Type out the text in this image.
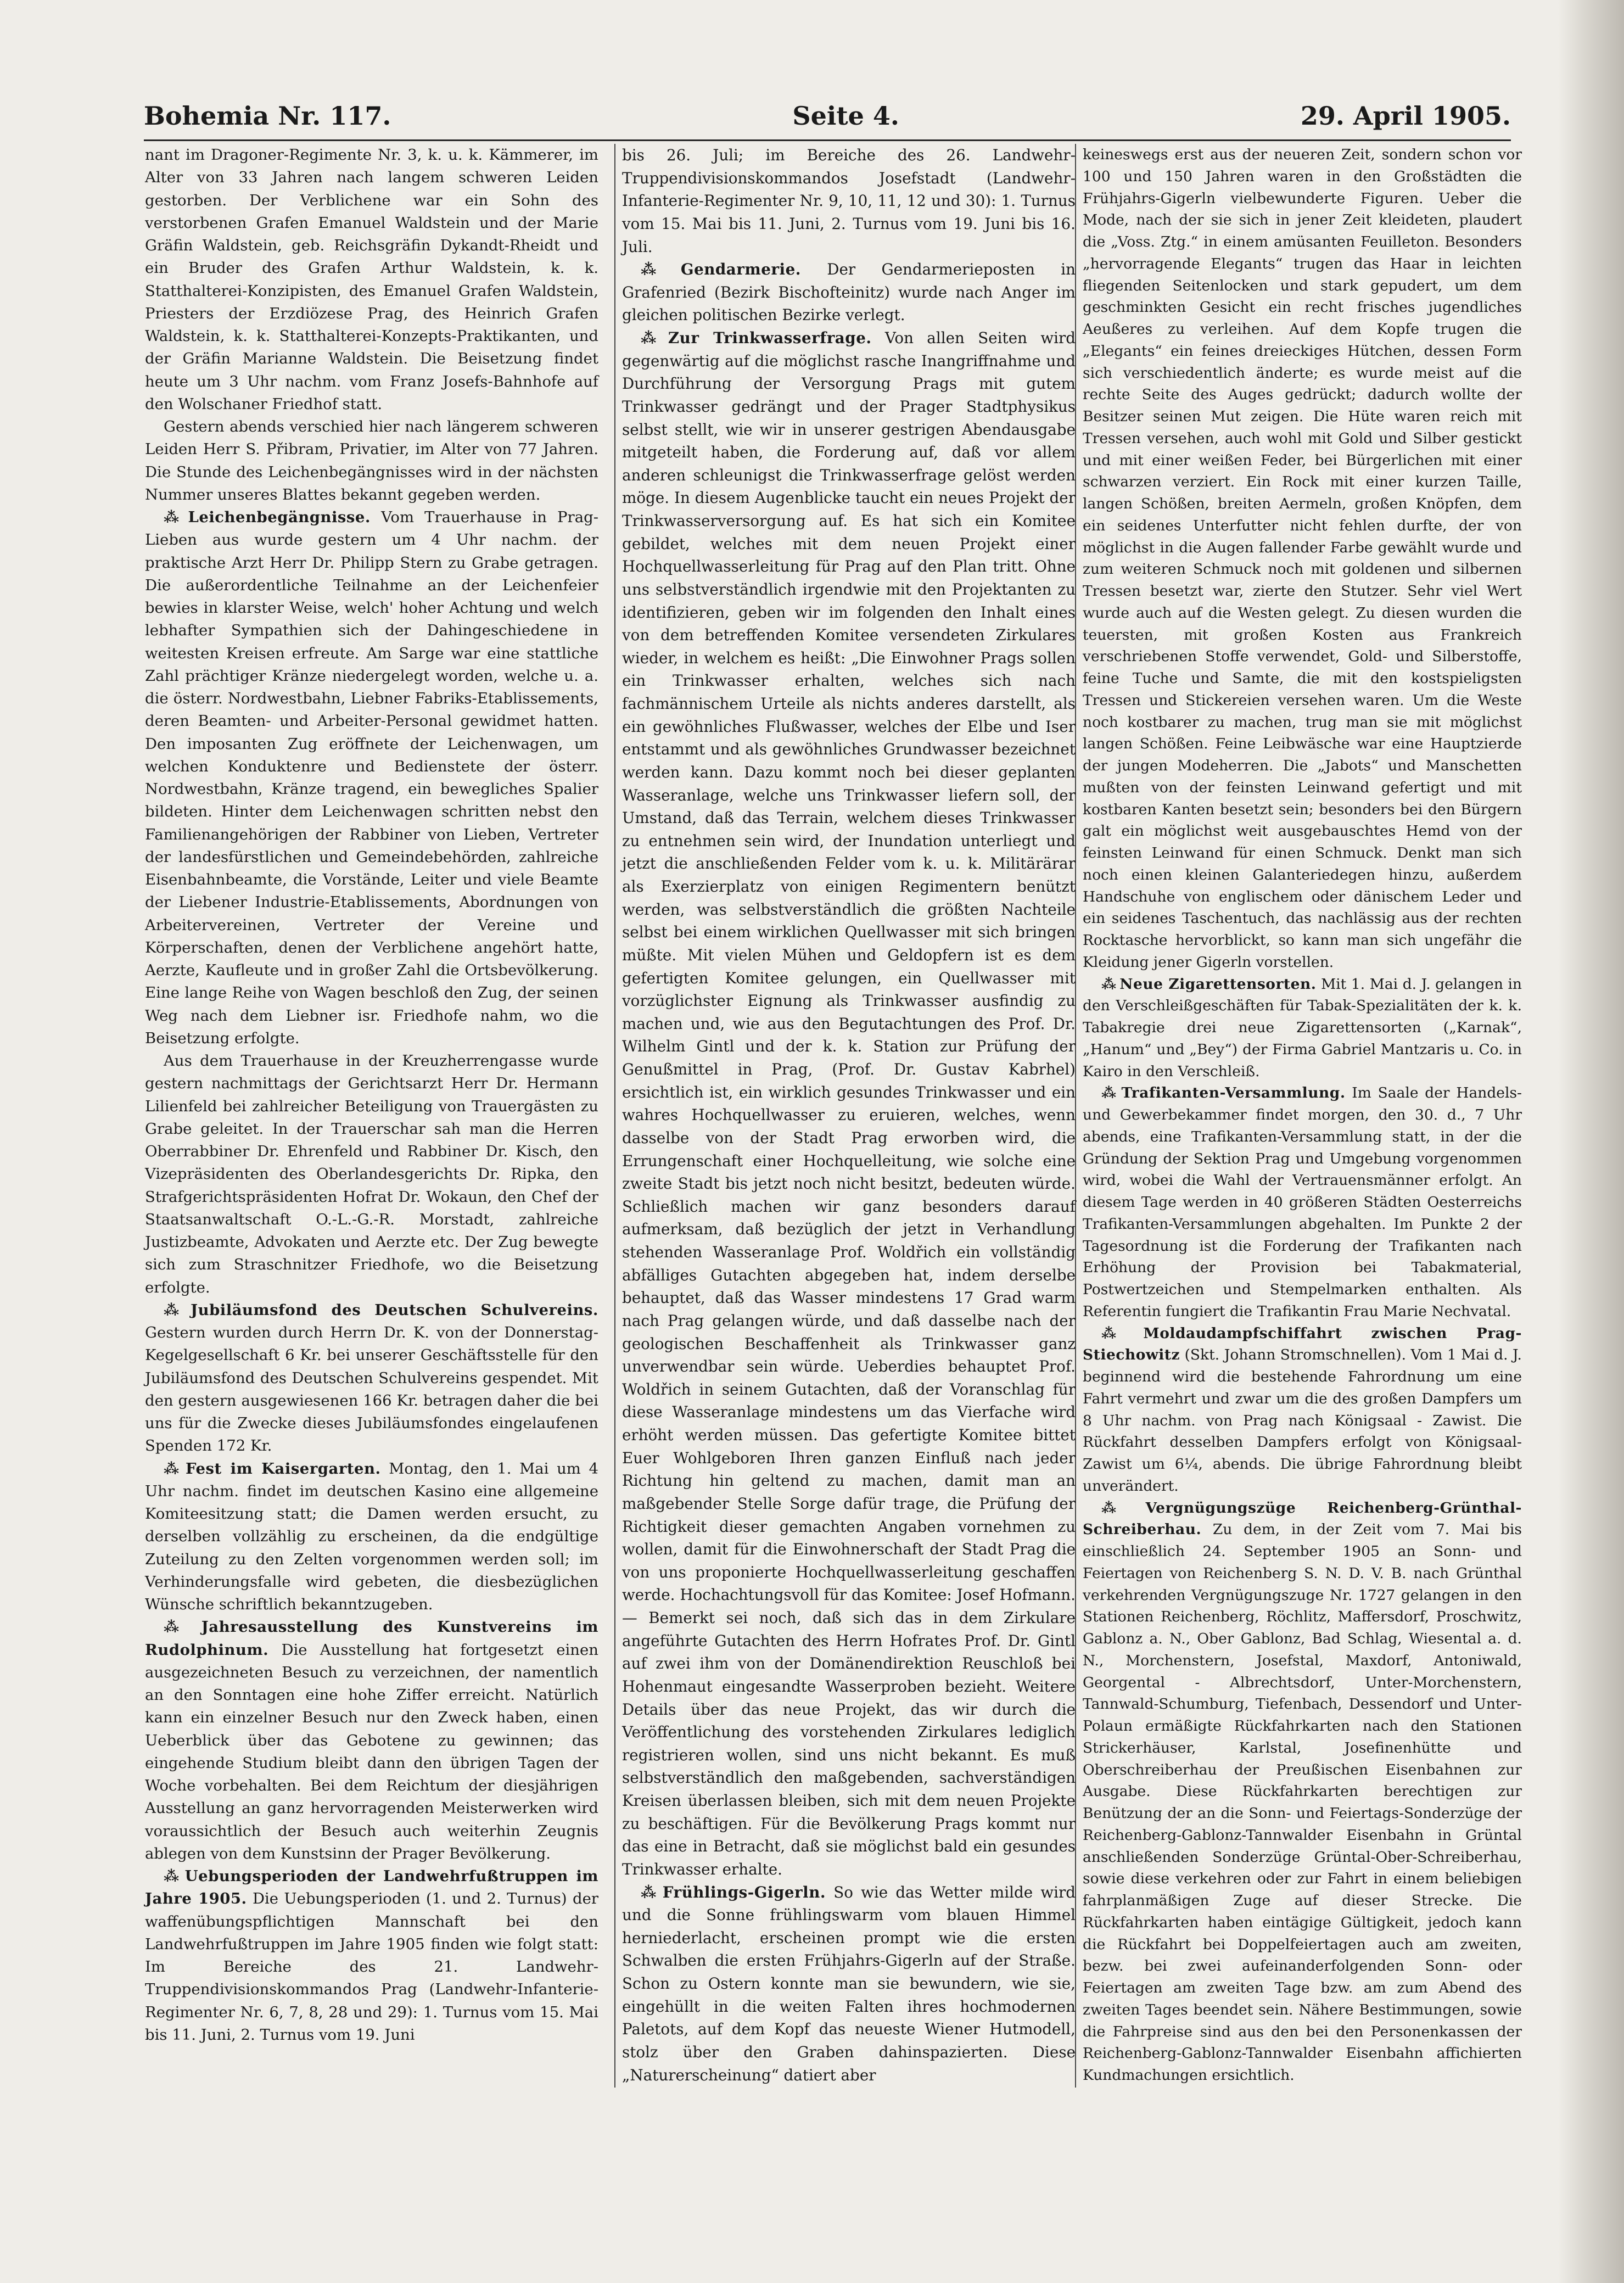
Bohemia Nr. 117.	Seite 4.	29. April 1905.

nant im Dragoner-Regimente Nr. 3, k. u. k. Kämmerer, im Alter von 33 Jahren nach langem schweren Leiden gestorben. Der Verblichene war ein Sohn des verstorbenen Grafen Emanuel Waldstein und der Marie Gräfin Waldstein, geb. Reichsgräfin Dykandt-Rheidt und ein Bruder des Grafen Arthur Waldstein, k. k. Statthalterei-Konzipisten, des Emanuel Grafen Waldstein, Priesters der Erzdiözese Prag, des Heinrich Grafen Waldstein, k. k. Statthalterei-Konzepts-Praktikanten, und der Gräfin Marianne Waldstein. Die Beisetzung findet heute um 3 Uhr nachm. vom Franz Josefs-Bahnhofe auf den Wolschaner Friedhof statt.

Gestern abends verschied hier nach längerem schweren Leiden Herr S. Přibram, Privatier, im Alter von 77 Jahren. Die Stunde des Leichenbegängnisses wird in der nächsten Nummer unseres Blattes bekannt gegeben werden.

⁂ Leichenbegängnisse. Vom Trauerhause in Prag-Lieben aus wurde gestern um 4 Uhr nachm. der praktische Arzt Herr Dr. Philipp Stern zu Grabe getragen. Die außerordentliche Teilnahme an der Leichenfeier bewies in klarster Weise, welch' hoher Achtung und welch lebhafter Sympathien sich der Dahingeschiedene in weitesten Kreisen erfreute. Am Sarge war eine stattliche Zahl prächtiger Kränze niedergelegt worden, welche u. a. die österr. Nordwestbahn, Liebner Fabriks-Etablissements, deren Beamten- und Arbeiter-Personal gewidmet hatten. Den imposanten Zug eröffnete der Leichenwagen, um welchen Konduktenre und Bedienstete der österr. Nordwestbahn, Kränze tragend, ein bewegliches Spalier bildeten. Hinter dem Leichenwagen schritten nebst den Familienangehörigen der Rabbiner von Lieben, Vertreter der landesfürstlichen und Gemeindebehörden, zahlreiche Eisenbahnbeamte, die Vorstände, Leiter und viele Beamte der Liebener Industrie-Etablissements, Abordnungen von Arbeitervereinen, Vertreter der Vereine und Körperschaften, denen der Verblichene angehört hatte, Aerzte, Kaufleute und in großer Zahl die Ortsbevölkerung. Eine lange Reihe von Wagen beschloß den Zug, der seinen Weg nach dem Liebner isr. Friedhofe nahm, wo die Beisetzung erfolgte.

Aus dem Trauerhause in der Kreuzherrengasse wurde gestern nachmittags der Gerichtsarzt Herr Dr. Hermann Lilienfeld bei zahlreicher Beteiligung von Trauergästen zu Grabe geleitet. In der Trauerschar sah man die Herren Oberrabbiner Dr. Ehrenfeld und Rabbiner Dr. Kisch, den Vizepräsidenten des Oberlandesgerichts Dr. Ripka, den Strafgerichtspräsidenten Hofrat Dr. Wokaun, den Chef der Staatsanwaltschaft O.-L.-G.-R. Morstadt, zahlreiche Justizbeamte, Advokaten und Aerzte etc. Der Zug bewegte sich zum Straschnitzer Friedhofe, wo die Beisetzung erfolgte.

⁂ Jubiläumsfond des Deutschen Schulvereins. Gestern wurden durch Herrn Dr. K. von der Donnerstag-Kegelgesellschaft 6 Kr. bei unserer Geschäftsstelle für den Jubiläumsfond des Deutschen Schulvereins gespendet. Mit den gestern ausgewiesenen 166 Kr. betragen daher die bei uns für die Zwecke dieses Jubiläumsfondes eingelaufenen Spenden 172 Kr.

⁂ Fest im Kaisergarten. Montag, den 1. Mai um 4 Uhr nachm. findet im deutschen Kasino eine allgemeine Komiteesitzung statt; die Damen werden ersucht, zu derselben vollzählig zu erscheinen, da die endgültige Zuteilung zu den Zelten vorgenommen werden soll; im Verhinderungsfalle wird gebeten, die diesbezüglichen Wünsche schriftlich bekanntzugeben.

⁂ Jahresausstellung des Kunstvereins im Rudolphinum. Die Ausstellung hat fortgesetzt einen ausgezeichneten Besuch zu verzeichnen, der namentlich an den Sonntagen eine hohe Ziffer erreicht. Natürlich kann ein einzelner Besuch nur den Zweck haben, einen Ueberblick über das Gebotene zu gewinnen; das eingehende Studium bleibt dann den übrigen Tagen der Woche vorbehalten. Bei dem Reichtum der diesjährigen Ausstellung an ganz hervorragenden Meisterwerken wird voraussichtlich der Besuch auch weiterhin Zeugnis ablegen von dem Kunstsinn der Prager Bevölkerung.

⁂ Uebungsperioden der Landwehrfußtruppen im Jahre 1905. Die Uebungsperioden (1. und 2. Turnus) der waffenübungspflichtigen Mannschaft bei den Landwehrfußtruppen im Jahre 1905 finden wie folgt statt: Im Bereiche des 21. Landwehr-Truppendivisionskommandos Prag (Landwehr-Infanterie-Regimenter Nr. 6, 7, 8, 28 und 29): 1. Turnus vom 15. Mai bis 11. Juni, 2. Turnus vom 19. Juni

bis 26. Juli; im Bereiche des 26. Landwehr-Truppendivisionskommandos Josefstadt (Landwehr-Infanterie-Regimenter Nr. 9, 10, 11, 12 und 30): 1. Turnus vom 15. Mai bis 11. Juni, 2. Turnus vom 19. Juni bis 16. Juli.

⁂ Gendarmerie. Der Gendarmerieposten in Grafenried (Bezirk Bischofteinitz) wurde nach Anger im gleichen politischen Bezirke verlegt.

⁂ Zur Trinkwasserfrage. Von allen Seiten wird gegenwärtig auf die möglichst rasche Inangriffnahme und Durchführung der Versorgung Prags mit gutem Trinkwasser gedrängt und der Prager Stadtphysikus selbst stellt, wie wir in unserer gestrigen Abendausgabe mitgeteilt haben, die Forderung auf, daß vor allem anderen schleunigst die Trinkwasserfrage gelöst werden möge. In diesem Augenblicke taucht ein neues Projekt der Trinkwasserversorgung auf. Es hat sich ein Komitee gebildet, welches mit dem neuen Projekt einer Hochquellwasserleitung für Prag auf den Plan tritt. Ohne uns selbstverständlich irgendwie mit den Projektanten zu identifizieren, geben wir im folgenden den Inhalt eines von dem betreffenden Komitee versendeten Zirkulares wieder, in welchem es heißt: „Die Einwohner Prags sollen ein Trinkwasser erhalten, welches sich nach fachmännischem Urteile als nichts anderes darstellt, als ein gewöhnliches Flußwasser, welches der Elbe und Iser entstammt und als gewöhnliches Grundwasser bezeichnet werden kann. Dazu kommt noch bei dieser geplanten Wasseranlage, welche uns Trinkwasser liefern soll, der Umstand, daß das Terrain, welchem dieses Trinkwasser zu entnehmen sein wird, der Inundation unterliegt und jetzt die anschließenden Felder vom k. u. k. Militärärar als Exerzierplatz von einigen Regimentern benützt werden, was selbstverständlich die größten Nachteile selbst bei einem wirklichen Quellwasser mit sich bringen müßte. Mit vielen Mühen und Geldopfern ist es dem gefertigten Komitee gelungen, ein Quellwasser mit vorzüglichster Eignung als Trinkwasser ausfindig zu machen und, wie aus den Begutachtungen des Prof. Dr. Wilhelm Gintl und der k. k. Station zur Prüfung der Genußmittel in Prag, (Prof. Dr. Gustav Kabrhel) ersichtlich ist, ein wirklich gesundes Trinkwasser und ein wahres Hochquellwasser zu eruieren, welches, wenn dasselbe von der Stadt Prag erworben wird, die Errungenschaft einer Hochquelleitung, wie solche eine zweite Stadt bis jetzt noch nicht besitzt, bedeuten würde. Schließlich machen wir ganz besonders darauf aufmerksam, daß bezüglich der jetzt in Verhandlung stehenden Wasseranlage Prof. Woldřich ein vollständig abfälliges Gutachten abgegeben hat, indem derselbe behauptet, daß das Wasser mindestens 17 Grad warm nach Prag gelangen würde, und daß dasselbe nach der geologischen Beschaffenheit als Trinkwasser ganz unverwendbar sein würde. Ueberdies behauptet Prof. Woldřich in seinem Gutachten, daß der Voranschlag für diese Wasseranlage mindestens um das Vierfache wird erhöht werden müssen. Das gefertigte Komitee bittet Euer Wohlgeboren Ihren ganzen Einfluß nach jeder Richtung hin geltend zu machen, damit man an maßgebender Stelle Sorge dafür trage, die Prüfung der Richtigkeit dieser gemachten Angaben vornehmen zu wollen, damit für die Einwohnerschaft der Stadt Prag die von uns proponierte Hochquellwasserleitung geschaffen werde. Hochachtungsvoll für das Komitee: Josef Hofmann.— Bemerkt sei noch, daß sich das in dem Zirkulare angeführte Gutachten des Herrn Hofrates Prof. Dr. Gintl auf zwei ihm von der Domänendirektion Reuschloß bei Hohenmaut eingesandte Wasserproben bezieht. Weitere Details über das neue Projekt, das wir durch die Veröffentlichung des vorstehenden Zirkulares lediglich registrieren wollen, sind uns nicht bekannt. Es muß selbstverständlich den maßgebenden, sachverständigen Kreisen überlassen bleiben, sich mit dem neuen Projekte zu beschäftigen. Für die Bevölkerung Prags kommt nur das eine in Betracht, daß sie möglichst bald ein gesundes Trinkwasser erhalte.

⁂ Frühlings-Gigerln. So wie das Wetter milde wird und die Sonne frühlingswarm vom blauen Himmel herniederlacht, erscheinen prompt wie die ersten Schwalben die ersten Frühjahrs-Gigerln auf der Straße. Schon zu Ostern konnte man sie bewundern, wie sie, eingehüllt in die weiten Falten ihres hochmodernen Paletots, auf dem Kopf das neueste Wiener Hutmodell, stolz über den Graben dahinspazierten. Diese „Naturerscheinung“ datiert aber

keineswegs erst aus der neueren Zeit, sondern schon vor 100 und 150 Jahren waren in den Großstädten die Frühjahrs-Gigerln vielbewunderte Figuren. Ueber die Mode, nach der sie sich in jener Zeit kleideten, plaudert die „Voss. Ztg.“ in einem amüsanten Feuilleton. Besonders „hervorragende Elegants“ trugen das Haar in leichten fliegenden Seitenlocken und stark gepudert, um dem geschminkten Gesicht ein recht frisches jugendliches Aeußeres zu verleihen. Auf dem Kopfe trugen die „Elegants“ ein feines dreieckiges Hütchen, dessen Form sich verschiedentlich änderte; es wurde meist auf die rechte Seite des Auges gedrückt; dadurch wollte der Besitzer seinen Mut zeigen. Die Hüte waren reich mit Tressen versehen, auch wohl mit Gold und Silber gestickt und mit einer weißen Feder, bei Bürgerlichen mit einer schwarzen verziert. Ein Rock mit einer kurzen Taille, langen Schößen, breiten Aermeln, großen Knöpfen, dem ein seidenes Unterfutter nicht fehlen durfte, der von möglichst in die Augen fallender Farbe gewählt wurde und zum weiteren Schmuck noch mit goldenen und silbernen Tressen besetzt war, zierte den Stutzer. Sehr viel Wert wurde auch auf die Westen gelegt. Zu diesen wurden die teuersten, mit großen Kosten aus Frankreich verschriebenen Stoffe verwendet, Gold- und Silberstoffe, feine Tuche und Samte, die mit den kostspieligsten Tressen und Stickereien versehen waren. Um die Weste noch kostbarer zu machen, trug man sie mit möglichst langen Schößen. Feine Leibwäsche war eine Hauptzierde der jungen Modeherren. Die „Jabots“ und Manschetten mußten von der feinsten Leinwand gefertigt und mit kostbaren Kanten besetzt sein; besonders bei den Bürgern galt ein möglichst weit ausgebauschtes Hemd von der feinsten Leinwand für einen Schmuck. Denkt man sich noch einen kleinen Galanteriedegen hinzu, außerdem Handschuhe von englischem oder dänischem Leder und ein seidenes Taschentuch, das nachlässig aus der rechten Rocktasche hervorblickt, so kann man sich ungefähr die Kleidung jener Gigerln vorstellen.

⁂ Neue Zigarettensorten. Mit 1. Mai d. J. gelangen in den Verschleißgeschäften für Tabak-Spezialitäten der k. k. Tabakregie drei neue Zigarettensorten („Karnak“, „Hanum“ und „Bey“) der Firma Gabriel Mantzaris u. Co. in Kairo in den Verschleiß.

⁂ Trafikanten-Versammlung. Im Saale der Handels- und Gewerbekammer findet morgen, den 30. d., 7 Uhr abends, eine Trafikanten-Versammlung statt, in der die Gründung der Sektion Prag und Umgebung vorgenommen wird, wobei die Wahl der Vertrauensmänner erfolgt. An diesem Tage werden in 40 größeren Städten Oesterreichs Trafikanten-Versammlungen abgehalten. Im Punkte 2 der Tagesordnung ist die Forderung der Trafikanten nach Erhöhung der Provision bei Tabakmaterial, Postwertzeichen und Stempelmarken enthalten. Als Referentin fungiert die Trafikantin Frau Marie Nechvatal.

⁂ Moldaudampfschiffahrt zwischen Prag-Stiechowitz (Skt. Johann Stromschnellen). Vom 1 Mai d. J. beginnend wird die bestehende Fahrordnung um eine Fahrt vermehrt und zwar um die des großen Dampfers um 8 Uhr nachm. von Prag nach Königsaal - Zawist. Die Rückfahrt desselben Dampfers erfolgt von Königsaal-Zawist um 6¼, abends. Die übrige Fahrordnung bleibt unverändert.

⁂ Vergnügungszüge Reichenberg-Grünthal-Schreiberhau. Zu dem, in der Zeit vom 7. Mai bis einschließlich 24. September 1905 an Sonn- und Feiertagen von Reichenberg S. N. D. V. B. nach Grünthal verkehrenden Vergnügungszuge Nr. 1727 gelangen in den Stationen Reichenberg, Röchlitz, Maffersdorf, Proschwitz, Gablonz a. N., Ober Gablonz, Bad Schlag, Wiesental a. d. N., Morchenstern, Josefstal, Maxdorf, Antoniwald, Georgental - Albrechtsdorf, Unter-Morchenstern, Tannwald-Schumburg, Tiefenbach, Dessendorf und Unter-Polaun ermäßigte Rückfahrkarten nach den Stationen Strickerhäuser, Karlstal, Josefinenhütte und Oberschreiberhau der Preußischen Eisenbahnen zur Ausgabe. Diese Rückfahrkarten berechtigen zur Benützung der an die Sonn- und Feiertags-Sonderzüge der Reichenberg-Gablonz-Tannwalder Eisenbahn in Grüntal anschließenden Sonderzüge Grüntal-Ober-Schreiberhau, sowie diese verkehren oder zur Fahrt in einem beliebigen fahrplanmäßigen Zuge auf dieser Strecke. Die Rückfahrkarten haben eintägige Gültigkeit, jedoch kann die Rückfahrt bei Doppelfeiertagen auch am zweiten, bezw. bei zwei aufeinanderfolgenden Sonn- oder Feiertagen am zweiten Tage bzw. am zum Abend des zweiten Tages beendet sein. Nähere Bestimmungen, sowie die Fahrpreise sind aus den bei den Personenkassen der Reichenberg-Gablonz-Tannwalder Eisenbahn affichierten Kundmachungen ersichtlich.
